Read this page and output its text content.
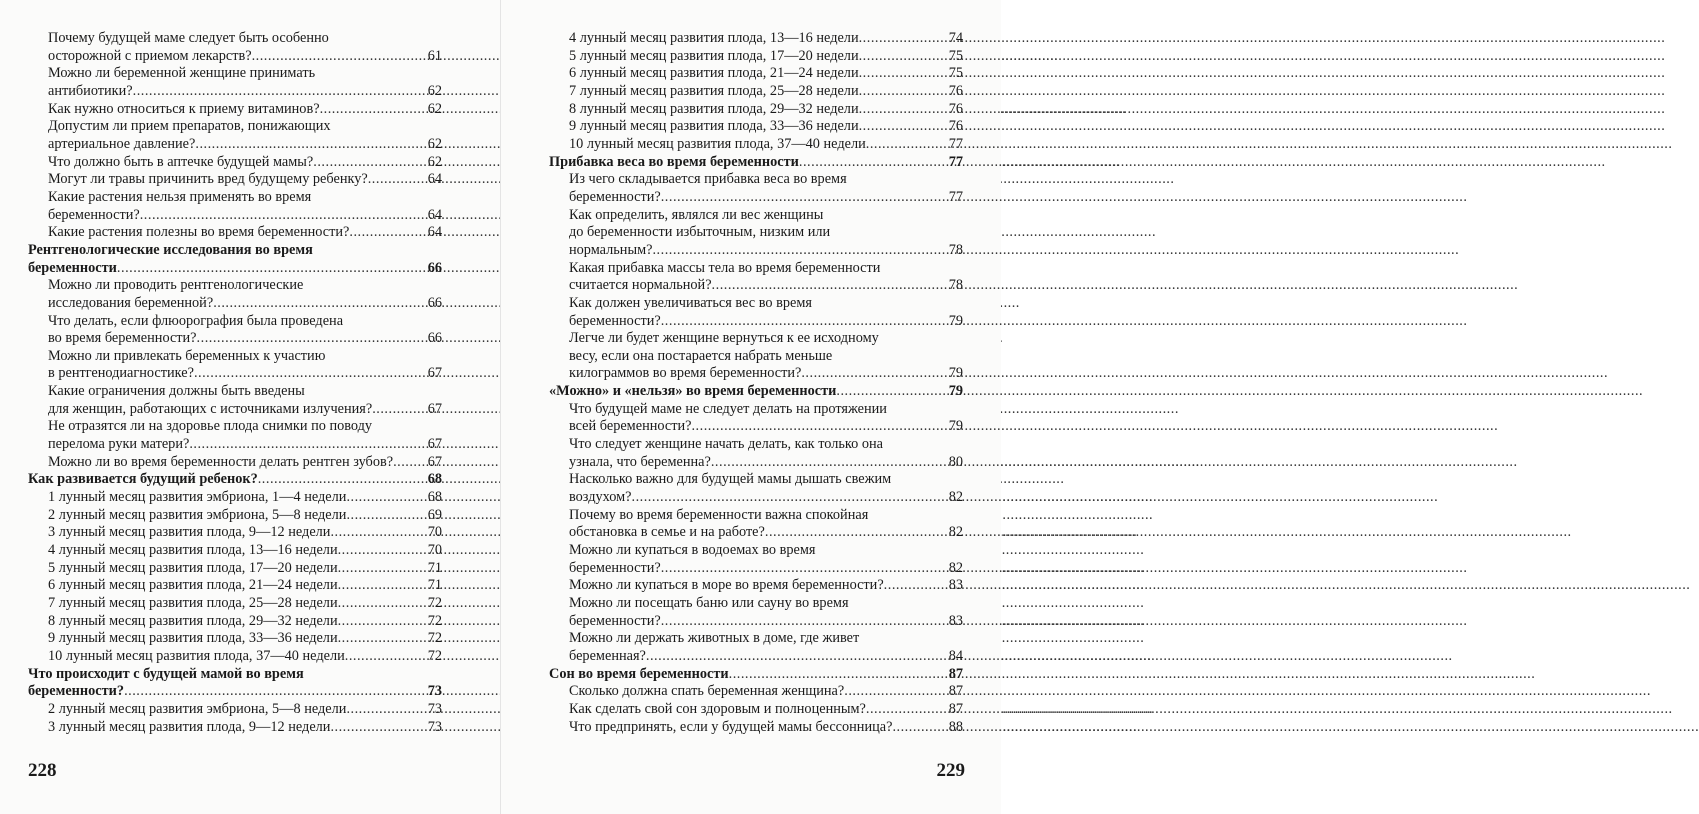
Почему будущей маме следует быть особенно
осторожной с приемом лекарств? .....	61
Можно ли беременной женщине принимать
антибиотики? .....	62
Как нужно относиться к приему витаминов? .....	62
Допустим ли прием препаратов, понижающих
артериальное давление? .....	62
Что должно быть в аптечке будущей мамы? .....	62
Могут ли травы причинить вред будущему ребенку? .....	64
Какие растения нельзя применять во время
беременности? .....	64
Какие растения полезны во время беременности? .....	64
Рентгенологические исследования во время
беременности .....	66
Можно ли проводить рентгенологические
исследования беременной? .....	66
Что делать, если флюорография была проведена
во время беременности? .....	66
Можно ли привлекать беременных к участию
в рентгенодиагностике? .....	67
Какие ограничения должны быть введены
для женщин, работающих с источниками излучения? .....	67
Не отразятся ли на здоровье плода снимки по поводу
перелома руки матери? .....	67
Можно ли во время беременности делать рентген зубов? ..... 67
Как развивается будущий ребенок? .....	68
1 лунный месяц развития эмбриона, 1—4 недели .....	68
2 лунный месяц развития эмбриона, 5—8 недели .....	69
3 лунный месяц развития плода, 9—12 недели .....	70
4 лунный месяц развития плода, 13—16 недели .....	70
5 лунный месяц развития плода, 17—20 недели .....	71
6 лунный месяц развития плода, 21—24 недели .....	71
7 лунный месяц развития плода, 25—28 недели .....	72
8 лунный месяц развития плода, 29—32 недели .....	72
9 лунный месяц развития плода, 33—36 недели .....	72
10 лунный месяц развития плода, 37—40 недели .....	72
Что происходит с будущей мамой во время
беременности? .....	73
2 лунный месяц развития эмбриона, 5—8 недели .....	73
3 лунный месяц развития плода, 9—12 недели .....	73
228
4 лунный месяц развития плода, 13—16 недели .....	74
5 лунный месяц развития плода, 17—20 недели .....	75
6 лунный месяц развития плода, 21—24 недели .....	75
7 лунный месяц развития плода, 25—28 недели .....	76
8 лунный месяц развития плода, 29—32 недели .....	76
9 лунный месяц развития плода, 33—36 недели .....	76
10 лунный месяц развития плода, 37—40 недели .....	77
Прибавка веса во время беременности .....	77
Из чего складывается прибавка веса во время
беременности? .....	77
Как определить, являлся ли вес женщины
до беременности избыточным, низким или
нормальным? .....	78
Какая прибавка массы тела во время беременности
считается нормальной? .....	78
Как должен увеличиваться вес во время
беременности? .....	79
Легче ли будет женщине вернуться к ее исходному
весу, если она постарается набрать меньше
килограммов во время беременности? .....	79
«Можно» и «нельзя» во время беременности .....	79
Что будущей маме не следует делать на протяжении
всей беременности? .....	79
Что следует женщине начать делать, как только она
узнала, что беременна? .....	80
Насколько важно для будущей мамы дышать свежим
воздухом? .....	82
Почему во время беременности важна спокойная
обстановка в семье и на работе? .....	82
Можно ли купаться в водоемах во время
беременности? .....	82
Можно ли купаться в море во время беременности? .....	83
Можно ли посещать баню или сауну во время
беременности? .....	83
Можно ли держать животных в доме, где живет
беременная? .....	84
Сон во время беременности .....	87
Сколько должна спать беременная женщина? .....	87
Как сделать свой сон здоровым и полноценным? .....	87
Что предпринять, если у будущей мамы бессонница? .....	88
229
